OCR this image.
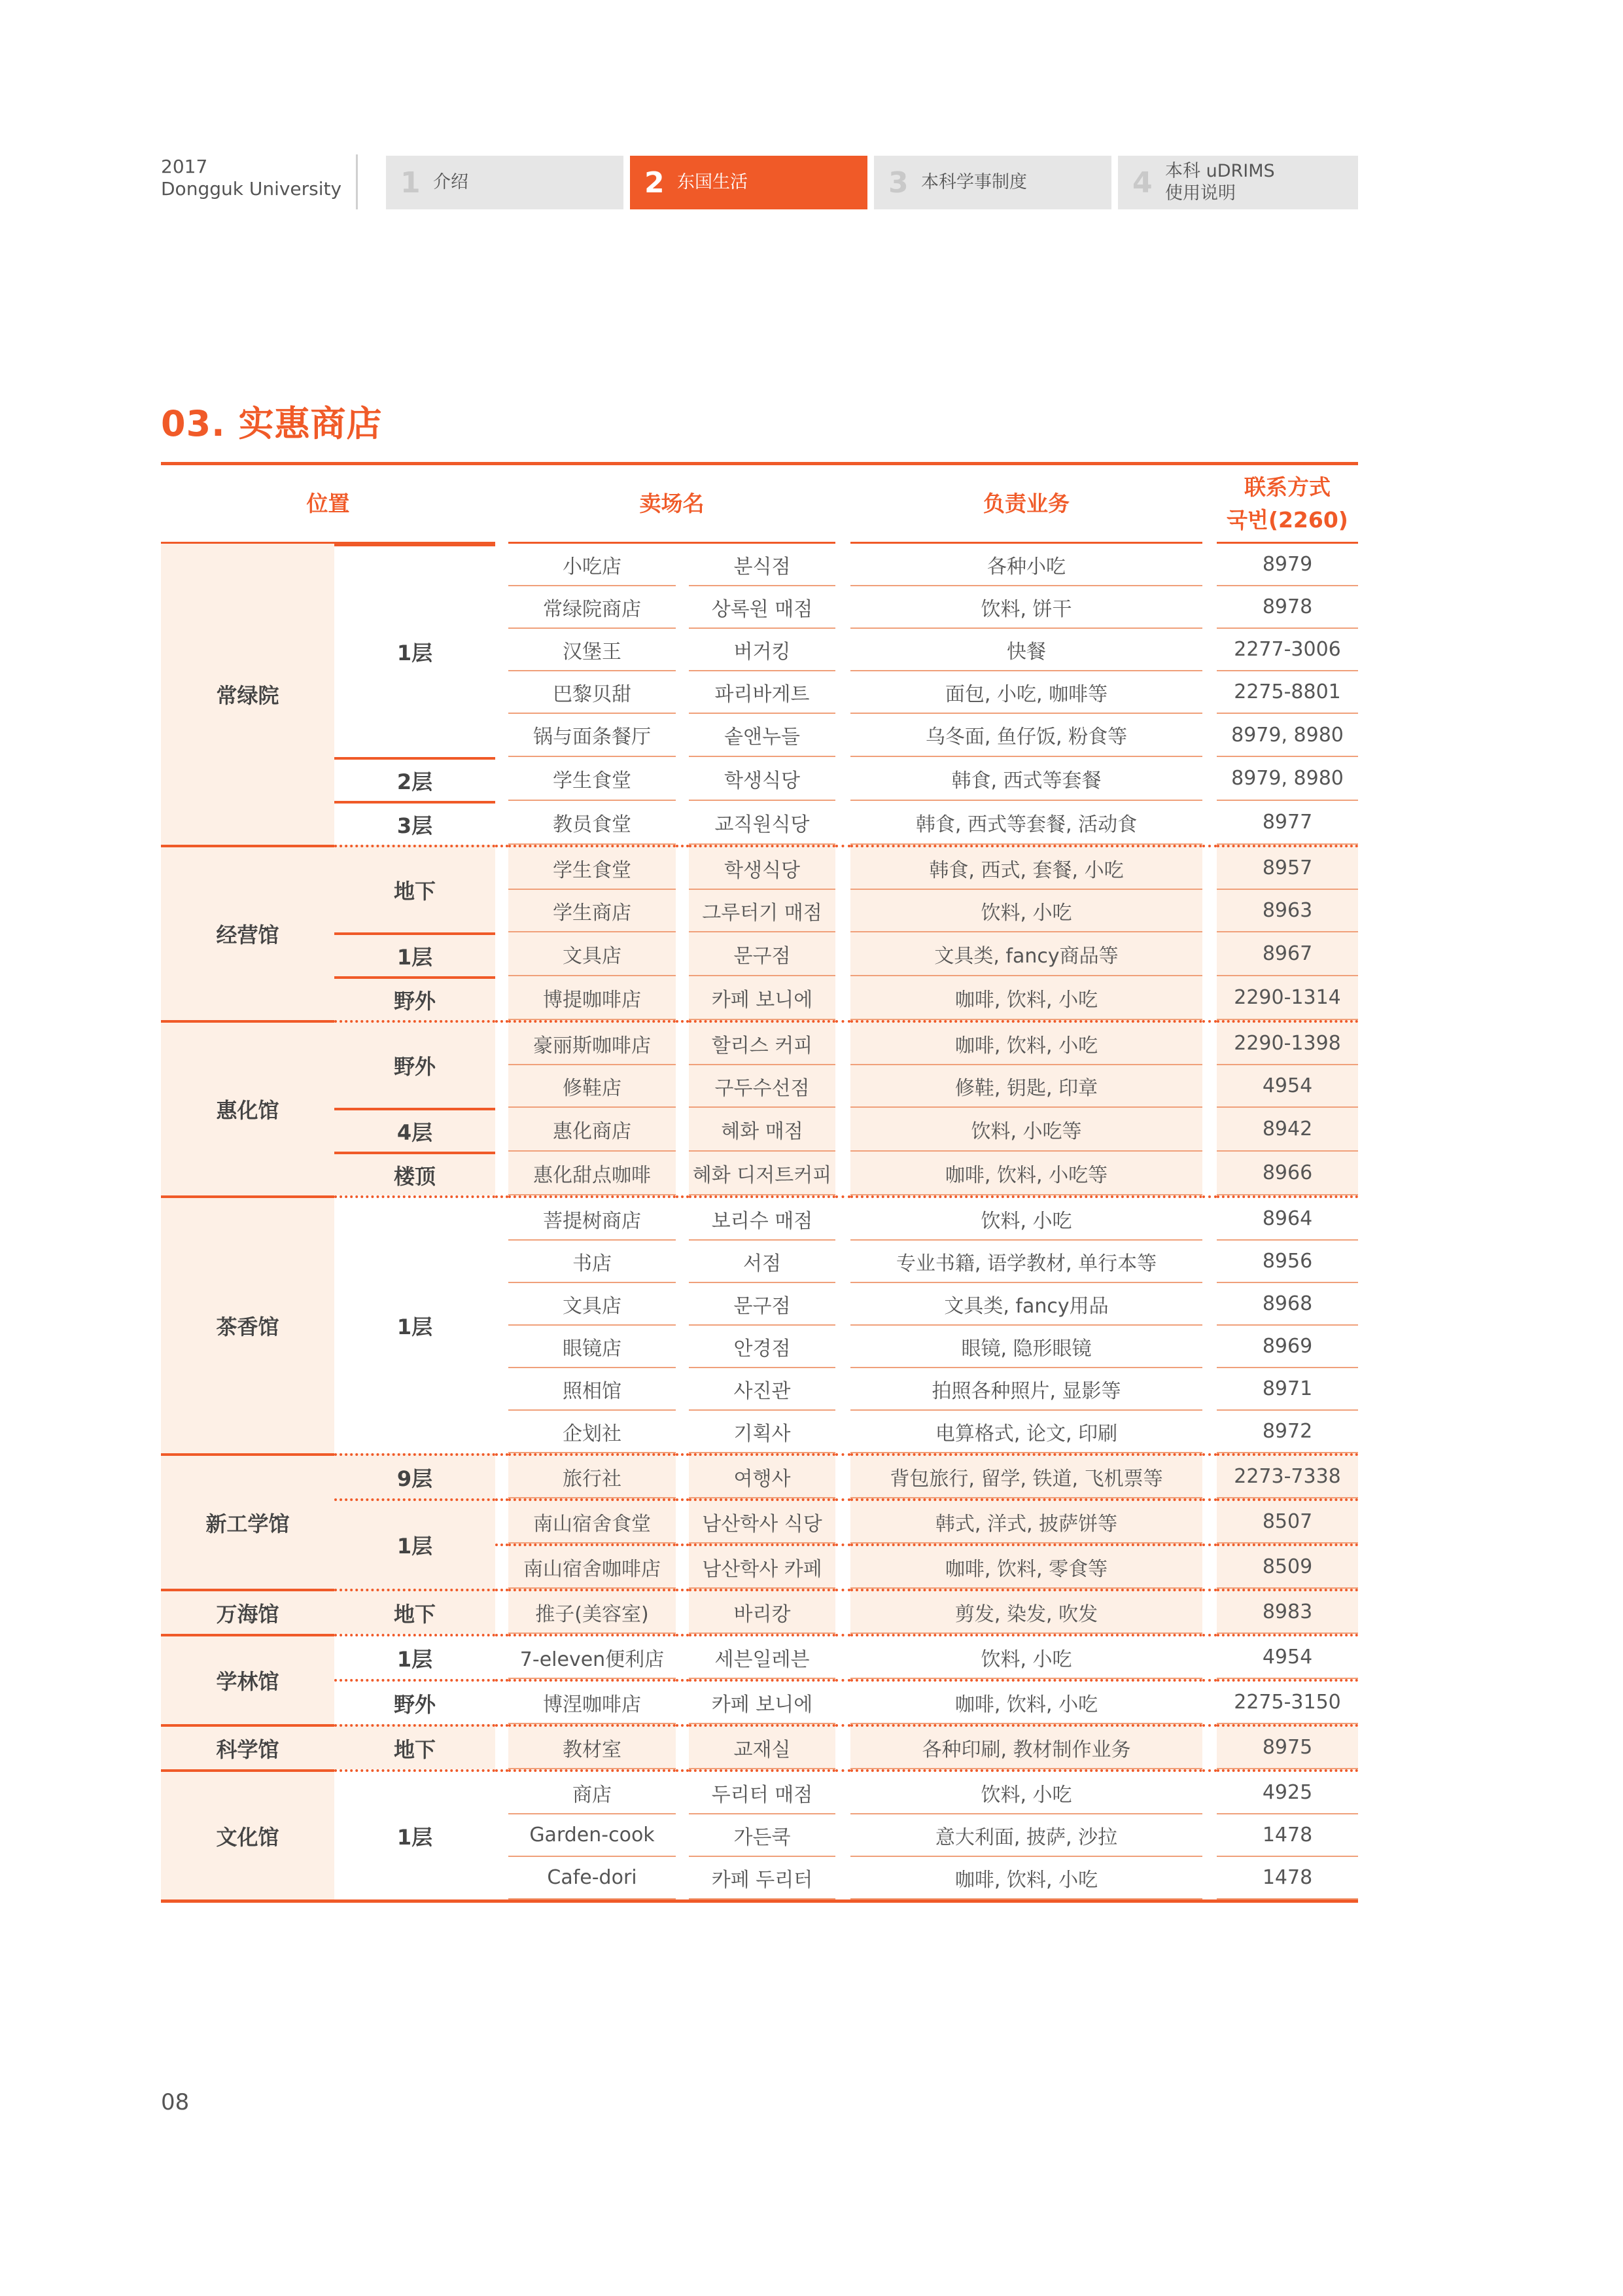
2017
Dongguk University 1 介绍	2 东国生活	3 本科学事制度	4 本科 uDRIMS
使用说明
03. 实惠商店
位置			卖场名				负责业务		联系方式
국번(2260)

常绿院	1层		小吃店		분식점		各种小吃		8979
			常绿院商店		상록원 매점		饮料, 饼干		8978
			汉堡王		버거킹		快餐		2277-3006
			巴黎贝甜		파리바게트		面包, 小吃, 咖啡等		2275-8801
			锅与面条餐厅		솥앤누들		乌冬面, 鱼仔饭, 粉食等		8979, 8980
	2层		学生食堂		학생식당		韩食, 西式等套餐		8979, 8980
	3层		教员食堂		교직원식당		韩食, 西式等套餐, 活动食		8977
经营馆	地下		学生食堂		학생식당		韩食, 西式, 套餐, 小吃		8957
			学生商店		그루터기 매점		饮料, 小吃		8963
	1层		文具店		문구점		文具类, fancy商品等		8967
	野外		博提咖啡店		카페 보니에		咖啡, 饮料, 小吃		2290-1314
惠化馆	野外		豪丽斯咖啡店		할리스 커피		咖啡, 饮料, 小吃		2290-1398
			修鞋店		구두수선점		修鞋, 钥匙, 印章		4954
	4层		惠化商店		혜화 매점		饮料, 小吃等		8942
	楼顶		惠化甜点咖啡		혜화 디저트커피		咖啡, 饮料, 小吃等		8966
茶香馆	1层		菩提树商店		보리수 매점		饮料, 小吃		8964
			书店		서점		专业书籍, 语学教材, 单行本等		8956
			文具店		문구점		文具类, fancy用品		8968
			眼镜店		안경점		眼镜, 隐形眼镜		8969
			照相馆		사진관		拍照各种照片, 显影等		8971
			企划社		기획사		电算格式, 论文, 印刷		8972
新工学馆	9层		旅行社		여행사		背包旅行, 留学, 铁道, 飞机票等		2273-7338
	1层		南山宿舍食堂		남산학사 식당		韩式, 洋式, 披萨饼等		8507
			南山宿舍咖啡店		남산학사 카페		咖啡, 饮料, 零食等		8509
万海馆	地下		推子(美容室)		바리캉		剪发, 染发, 吹发		8983
学林馆	1层		7-eleven便利店		세븐일레븐		饮料, 小吃		4954
	野外		博涅咖啡店		카페 보니에		咖啡, 饮料, 小吃		2275-3150
科学馆	地下		教材室		교재실		各种印刷, 教材制作业务		8975
文化馆	1层		商店		두리터 매점		饮料, 小吃		4925
			Garden-cook		가든쿡		意大利面, 披萨, 沙拉		1478
			Cafe-dori		카페 두리터		咖啡, 饮料, 小吃		1478
08
